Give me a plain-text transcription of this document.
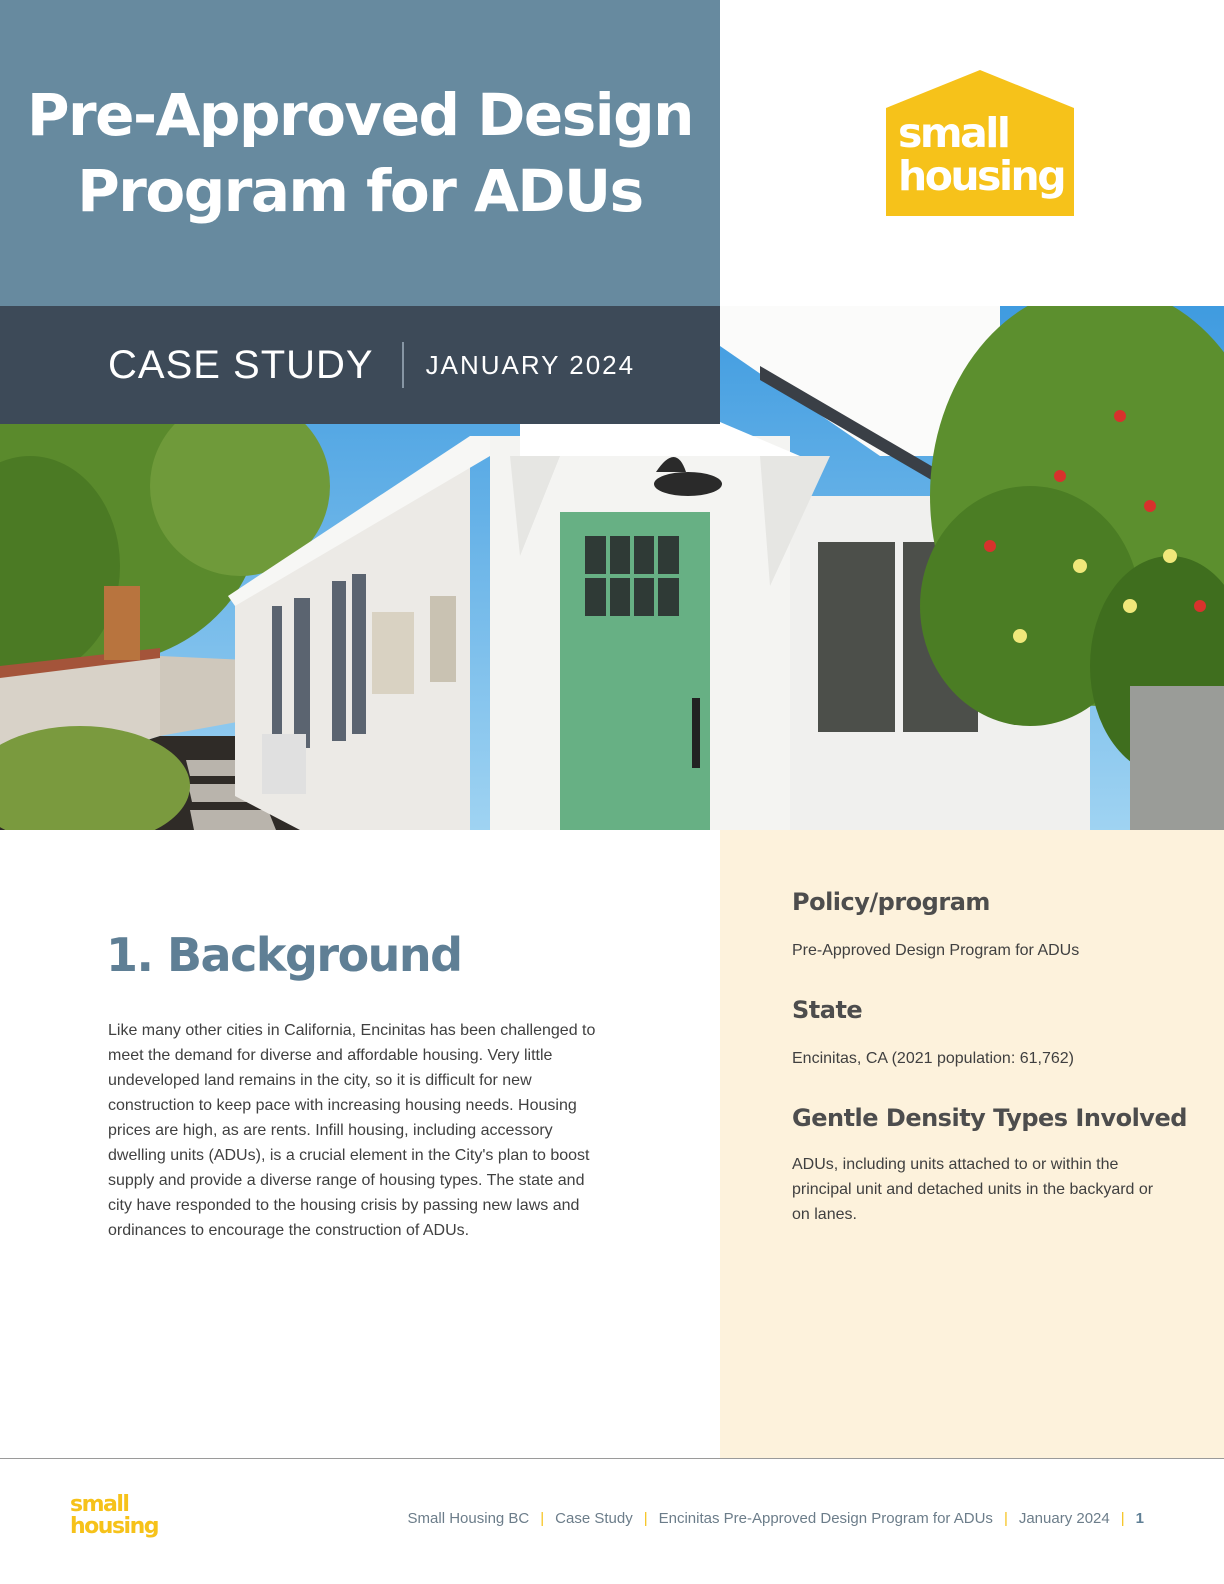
Pre-Approved Design
Program for ADUs
small
housing
CASE STUDY JANUARY 2024
1. Background

Like many other cities in California, Encinitas has been challenged to meet the demand for diverse and affordable housing. Very little undeveloped land remains in the city, so it is difficult for new construction to keep pace with increasing housing needs. Housing prices are high, as are rents. Infill housing, including accessory dwelling units (ADUs), is a crucial element in the City's plan to boost supply and provide a diverse range of housing types. The state and city have responded to the housing crisis by passing new laws and ordinances to encourage the construction of ADUs.

Policy/program

Pre-Approved Design Program for ADUs

State

Encinitas, CA (2021 population: 61,762)

Gentle Density Types Involved

ADUs, including units attached to or within the principal unit and detached units in the backyard or on lanes.

small
housing	Small Housing BC | Case Study | Encinitas Pre-Approved Design Program for ADUs | January 2024 | 1
